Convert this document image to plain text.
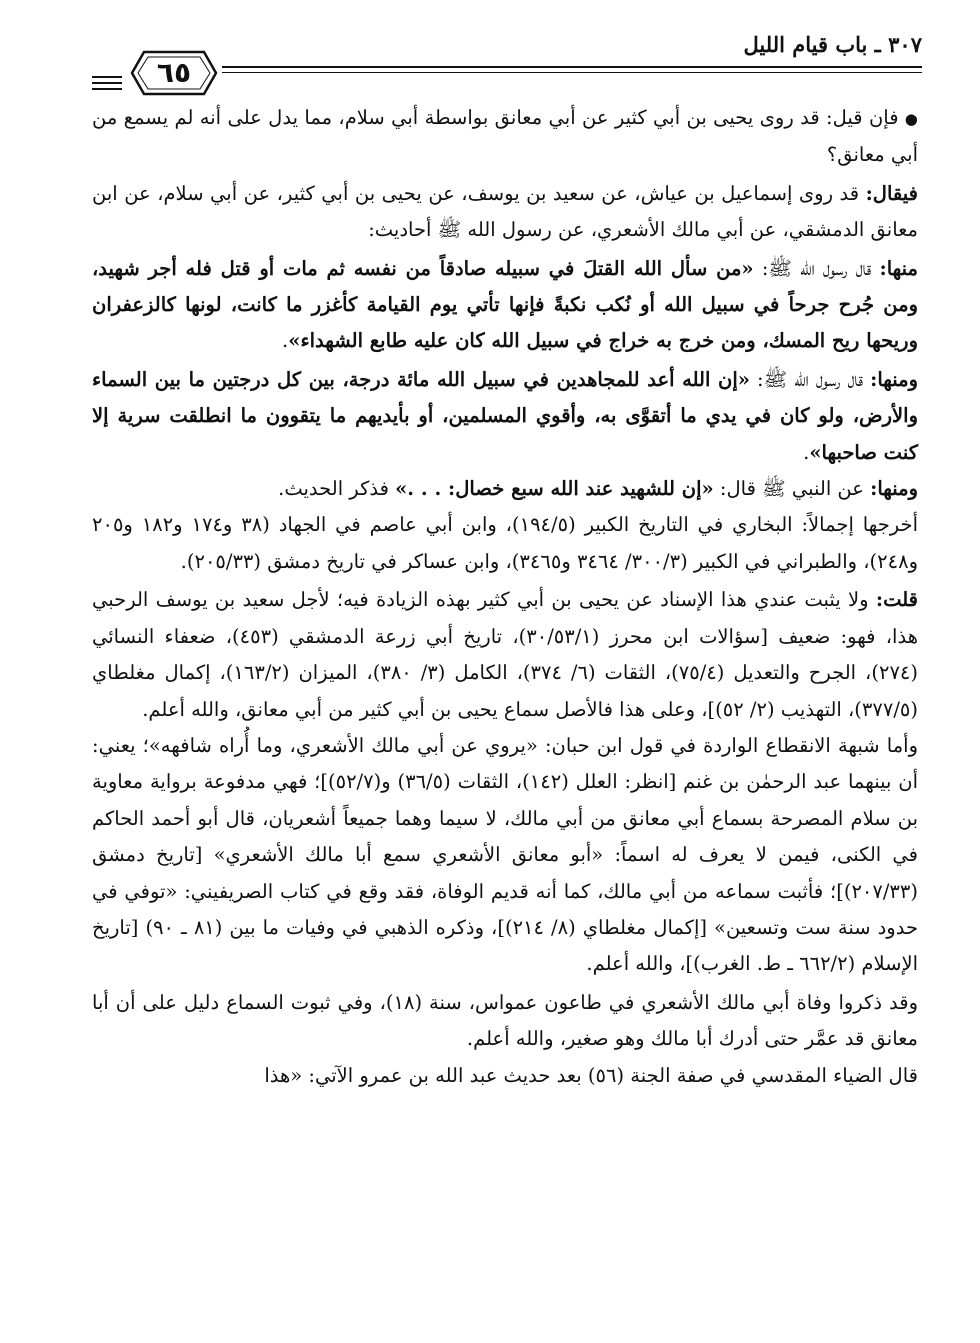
٣٠٧ ـ باب قيام الليل
٦٥

● فإن قيل: قد روى يحيى بن أبي كثير عن أبي معانق بواسطة أبي سلام، مما يدل على أنه لم يسمع من أبي معانق؟

فيقال: قد روى إسماعيل بن عياش، عن سعيد بن يوسف، عن يحيى بن أبي كثير، عن أبي سلام، عن ابن معانق الدمشقي، عن أبي مالك الأشعري، عن رسول الله ﷺ أحاديث:

منها: قال رسول الله ﷺ: «من سأل الله القتلَ في سبيله صادقاً من نفسه ثم مات أو قتل فله أجر شهيد، ومن جُرح جرحاً في سبيل الله أو نُكب نكبةً فإنها تأتي يوم القيامة كأغزر ما كانت، لونها كالزعفران وريحها ريح المسك، ومن خرج به خراج في سبيل الله كان عليه طابع الشهداء».

ومنها: قال رسول الله ﷺ: «إن الله أعد للمجاهدين في سبيل الله مائة درجة، بين كل درجتين ما بين السماء والأرض، ولو كان في يدي ما أتقوَّى به، وأقوي المسلمين، أو بأيديهم ما يتقوون ما انطلقت سرية إلا كنت صاحبها».

ومنها: عن النبي ﷺ قال: «إن للشهيد عند الله سبع خصال: . . .» فذكر الحديث.

أخرجها إجمالاً: البخاري في التاريخ الكبير (١٩٤/٥)، وابن أبي عاصم في الجهاد (٣٨ و١٧٤ و١٨٢ و٢٠٥ و٢٤٨)، والطبراني في الكبير (٣٠٠/٣/ ٣٤٦٤ و٣٤٦٥)، وابن عساكر في تاريخ دمشق (٢٠٥/٣٣).

قلت: ولا يثبت عندي هذا الإسناد عن يحيى بن أبي كثير بهذه الزيادة فيه؛ لأجل سعيد بن يوسف الرحبي هذا، فهو: ضعيف [سؤالات ابن محرز (٣٠/٥٣/١)، تاريخ أبي زرعة الدمشقي (٤٥٣)، ضعفاء النسائي (٢٧٤)، الجرح والتعديل (٧٥/٤)، الثقات (٦/ ٣٧٤)، الكامل (٣/ ٣٨٠)، الميزان (١٦٣/٢)، إكمال مغلطاي (٣٧٧/٥)، التهذيب (٢/ ٥٢)]، وعلى هذا فالأصل سماع يحيى بن أبي كثير من أبي معانق، والله أعلم.

وأما شبهة الانقطاع الواردة في قول ابن حبان: «يروي عن أبي مالك الأشعري، وما أُراه شافهه»؛ يعني: أن بينهما عبد الرحمٰن بن غنم [انظر: العلل (١٤٢)، الثقات (٣٦/٥) و(٥٢/٧)]؛ فهي مدفوعة برواية معاوية بن سلام المصرحة بسماع أبي معانق من أبي مالك، لا سيما وهما جميعاً أشعريان، قال أبو أحمد الحاكم في الكنى، فيمن لا يعرف له اسماً: «أبو معانق الأشعري سمع أبا مالك الأشعري» [تاريخ دمشق (٢٠٧/٣٣)]؛ فأثبت سماعه من أبي مالك، كما أنه قديم الوفاة، فقد وقع في كتاب الصريفيني: «توفي في حدود سنة ست وتسعين» [إكمال مغلطاي (٨/ ٢١٤)]، وذكره الذهبي في وفيات ما بين (٨١ ـ ٩٠) [تاريخ الإسلام (٦٦٢/٢ ـ ط. الغرب)]، والله أعلم.

وقد ذكروا وفاة أبي مالك الأشعري في طاعون عمواس، سنة (١٨)، وفي ثبوت السماع دليل على أن أبا معانق قد عمَّر حتى أدرك أبا مالك وهو صغير، والله أعلم.

قال الضياء المقدسي في صفة الجنة (٥٦) بعد حديث عبد الله بن عمرو الآتي: «هذا
